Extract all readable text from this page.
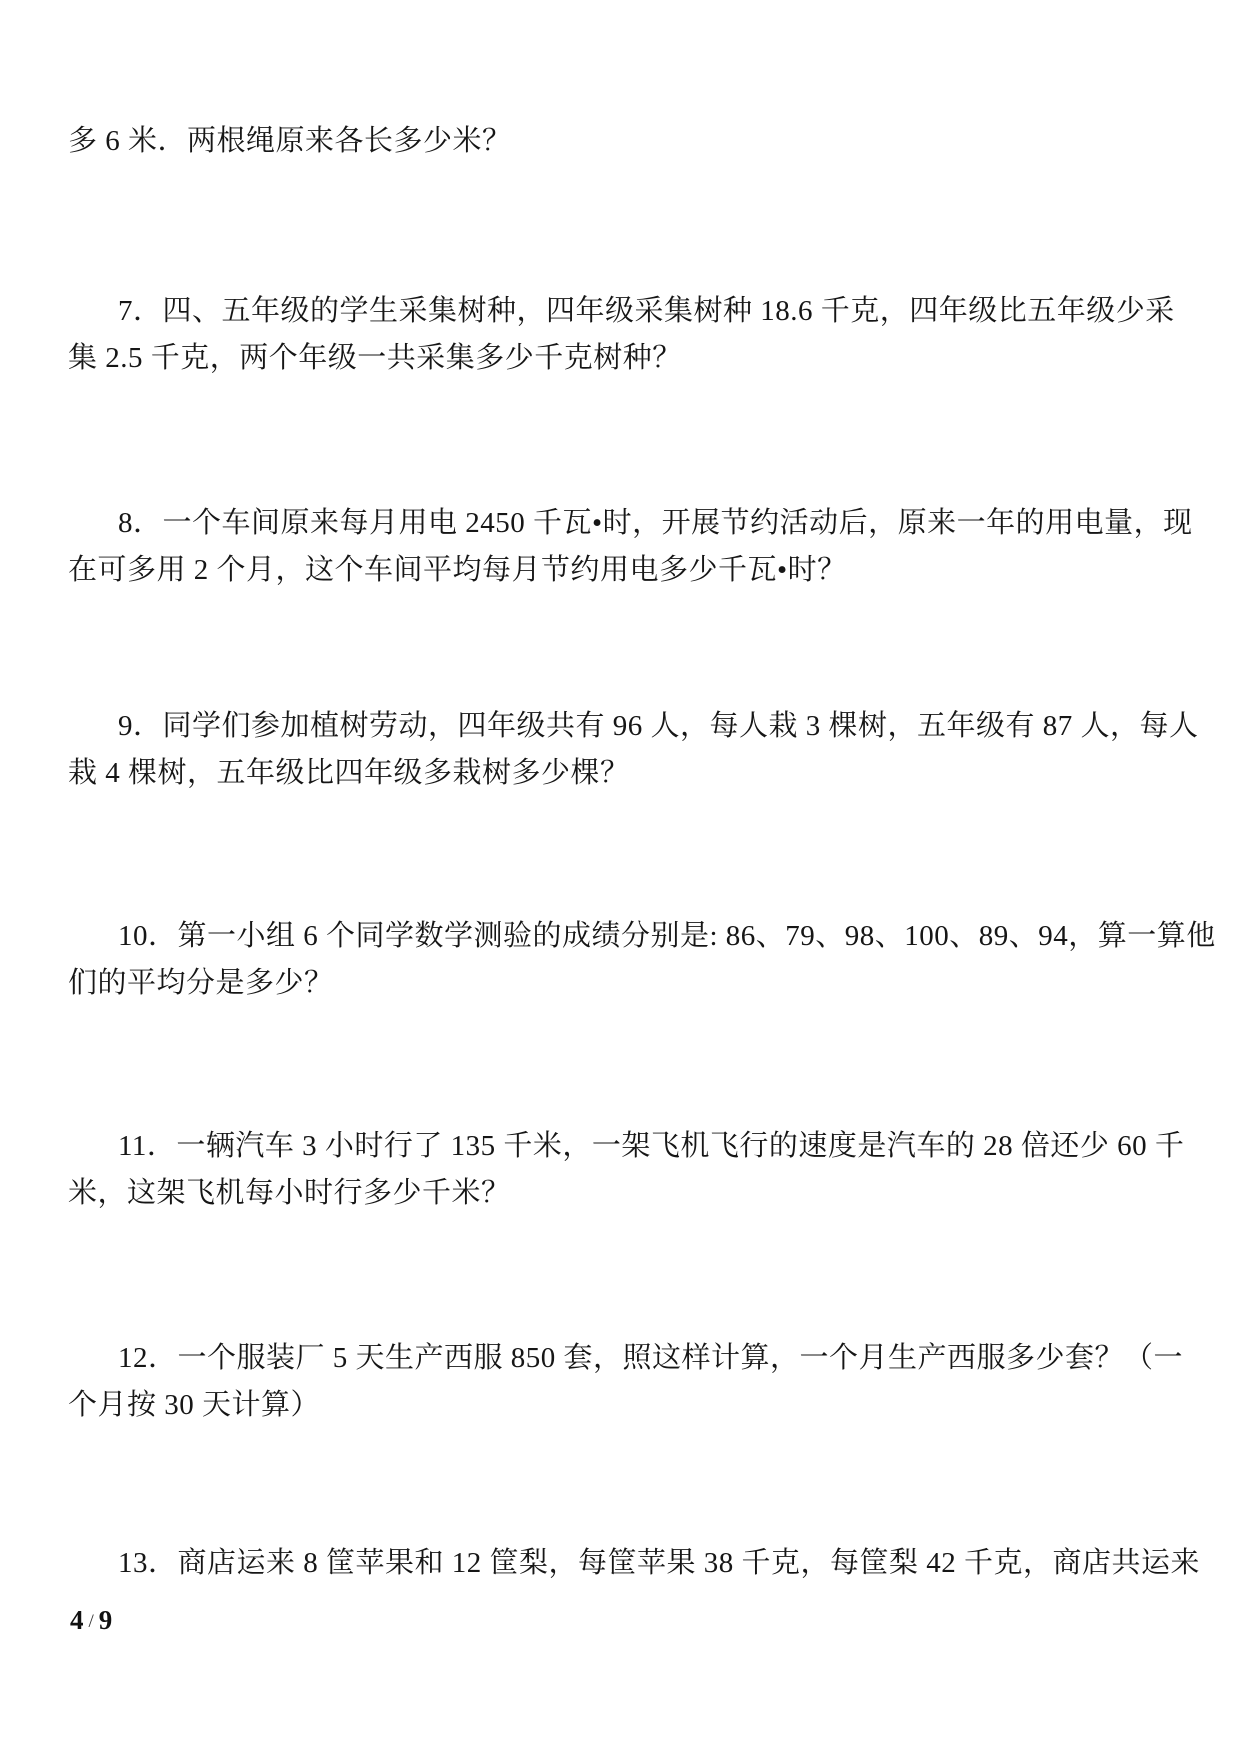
多 6 米．两根绳原来各长多少米？
7．四、五年级的学生采集树种，四年级采集树种 18.6 千克，四年级比五年级少采
集 2.5 千克，两个年级一共采集多少千克树种？
8．一个车间原来每月用电 2450 千瓦•时，开展节约活动后，原来一年的用电量，现
在可多用 2 个月，这个车间平均每月节约用电多少千瓦•时？
9．同学们参加植树劳动，四年级共有 96 人，每人栽 3 棵树，五年级有 87 人，每人
栽 4 棵树，五年级比四年级多栽树多少棵？
10．第一小组 6 个同学数学测验的成绩分别是: 86、79、98、100、89、94，算一算他
们的平均分是多少？
11．一辆汽车 3 小时行了 135 千米，一架飞机飞行的速度是汽车的 28 倍还少 60 千
米，这架飞机每小时行多少千米？
12．一个服装厂 5 天生产西服 850 套，照这样计算，一个月生产西服多少套？（一
个月按 30 天计算）
13．商店运来 8 筐苹果和 12 筐梨，每筐苹果 38 千克，每筐梨 42 千克，商店共运来
4 / 9
